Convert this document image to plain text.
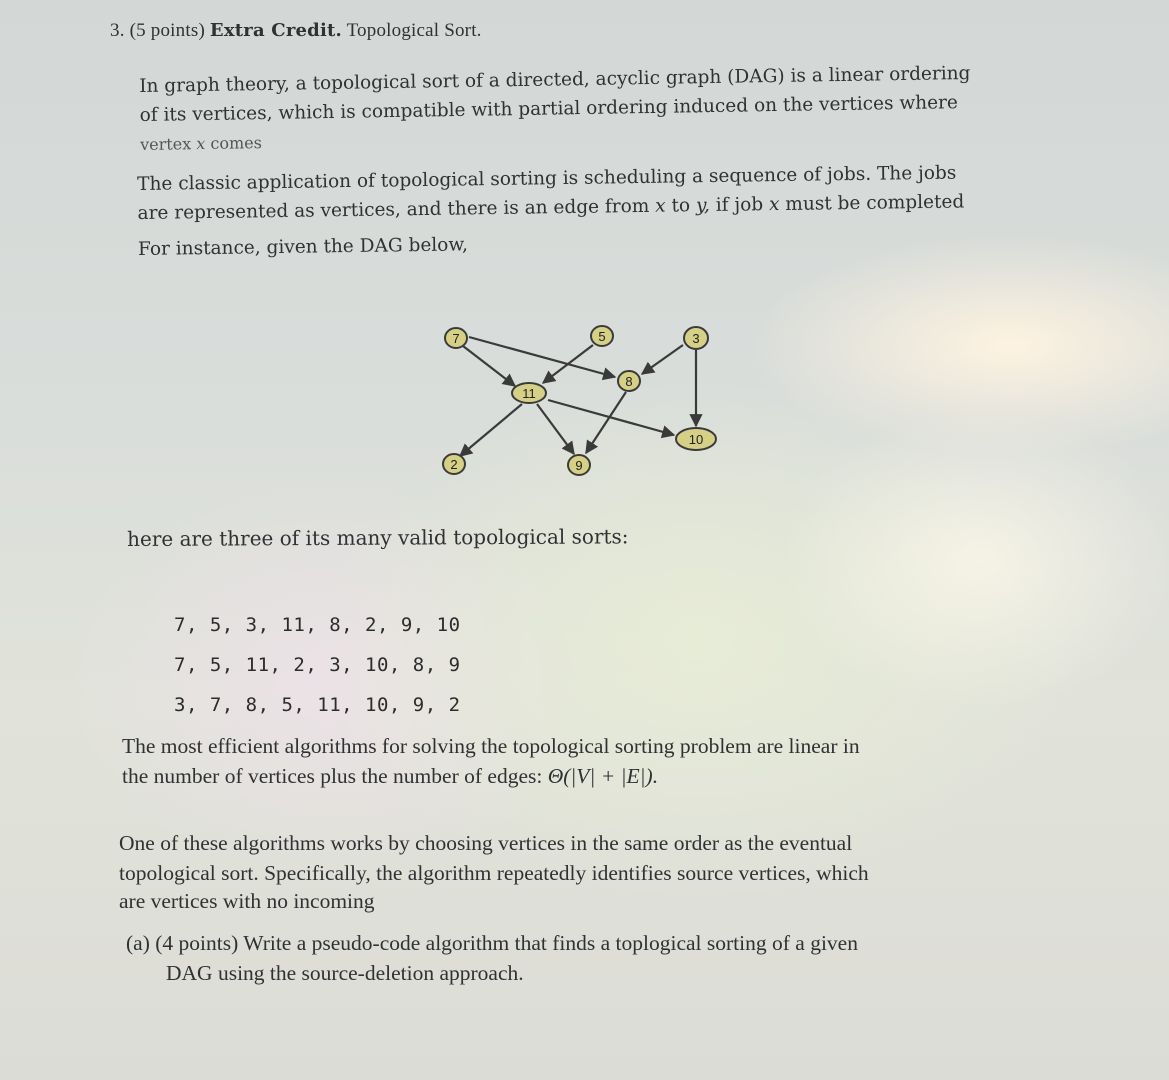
3. (5 points) Extra Credit. Topological Sort.
In graph theory, a topological sort of a directed, acyclic graph (DAG) is a linear ordering
of its vertices, which is compatible with partial ordering induced on the vertices where
vertex x comes
The classic application of topological sorting is scheduling a sequence of jobs. The jobs
are represented as vertices, and there is an edge from x to y, if job x must be completed
For instance, given the DAG below,
7	5	3
11
8
10
2	9
here are three of its many valid topological sorts:
7, 5, 3, 11, 8, 2, 9, 10
7, 5, 11, 2, 3, 10, 8, 9
3, 7, 8, 5, 11, 10, 9, 2
The most efficient algorithms for solving the topological sorting problem are linear in
the number of vertices plus the number of edges: Θ(|V| + |E|).
One of these algorithms works by choosing vertices in the same order as the eventual
topological sort. Specifically, the algorithm repeatedly identifies source vertices, which
are vertices with no incoming
(a) (4 points) Write a pseudo-code algorithm that finds a toplogical sorting of a given
DAG using the source-deletion approach.
